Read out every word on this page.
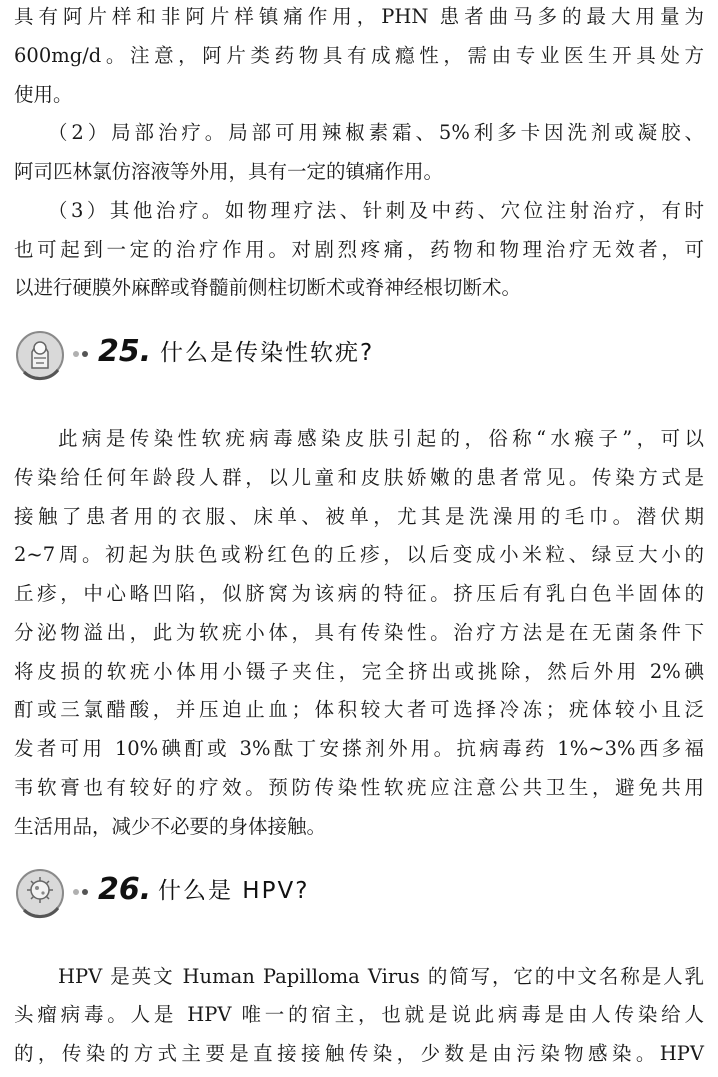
具有阿片样和非阿片样镇痛作用，PHN 患者曲马多的最大用量为
600mg/d。注意，阿片类药物具有成瘾性，需由专业医生开具处方
使用。
（2）局部治疗。局部可用辣椒素霜、5%利多卡因洗剂或凝胶、
阿司匹林氯仿溶液等外用，具有一定的镇痛作用。
（3）其他治疗。如物理疗法、针刺及中药、穴位注射治疗，有时
也可起到一定的治疗作用。对剧烈疼痛，药物和物理治疗无效者，可
以进行硬膜外麻醉或脊髓前侧柱切断术或脊神经根切断术。
25. 什么是传染性软疣?
此病是传染性软疣病毒感染皮肤引起的，俗称“水瘊子”，可以
传染给任何年龄段人群，以儿童和皮肤娇嫩的患者常见。传染方式是
接触了患者用的衣服、床单、被单，尤其是洗澡用的毛巾。潜伏期
2~7周。初起为肤色或粉红色的丘疹，以后变成小米粒、绿豆大小的
丘疹，中心略凹陷，似脐窝为该病的特征。挤压后有乳白色半固体的
分泌物溢出，此为软疣小体，具有传染性。治疗方法是在无菌条件下
将皮损的软疣小体用小镊子夹住，完全挤出或挑除，然后外用 2%碘
酊或三氯醋酸，并压迫止血；体积较大者可选择冷冻；疣体较小且泛
发者可用 10%碘酊或 3%酞丁安搽剂外用。抗病毒药 1%~3%西多福
韦软膏也有较好的疗效。预防传染性软疣应注意公共卫生，避免共用
生活用品，减少不必要的身体接触。
26. 什么是 HPV?
HPV 是英文 Human Papilloma Virus 的简写，它的中文名称是人乳
头瘤病毒。人是 HPV 唯一的宿主，也就是说此病毒是由人传染给人
的，传染的方式主要是直接接触传染，少数是由污染物感染。HPV
